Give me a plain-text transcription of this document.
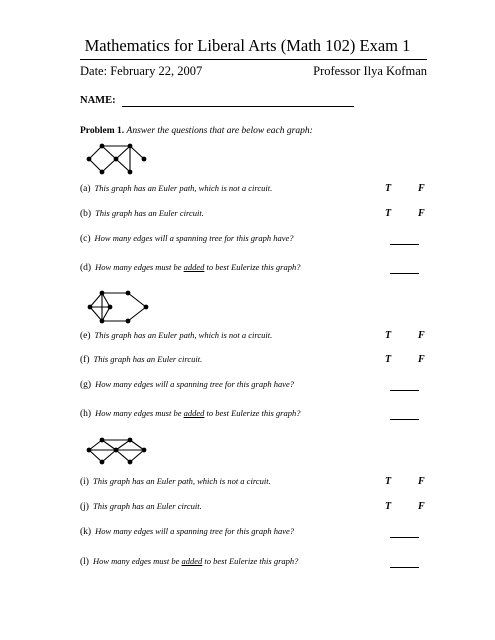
Mathematics for Liberal Arts (Math 102) Exam 1
Date: February 22, 2007	Professor Ilya Kofman
NAME:
Problem 1. Answer the questions that are below each graph:
(a) This graph has an Euler path, which is not a circuit.	T	F
(b) This graph has an Euler circuit.	T	F
(c) How many edges will a spanning tree for this graph have?
(d) How many edges must be added to best Eulerize this graph?
(e) This graph has an Euler path, which is not a circuit.	T	F
(f) This graph has an Euler circuit.	T	F
(g) How many edges will a spanning tree for this graph have?
(h) How many edges must be added to best Eulerize this graph?
(i) This graph has an Euler path, which is not a circuit.	T	F
(j) This graph has an Euler circuit.	T	F
(k) How many edges will a spanning tree for this graph have?
(l) How many edges must be added to best Eulerize this graph?
